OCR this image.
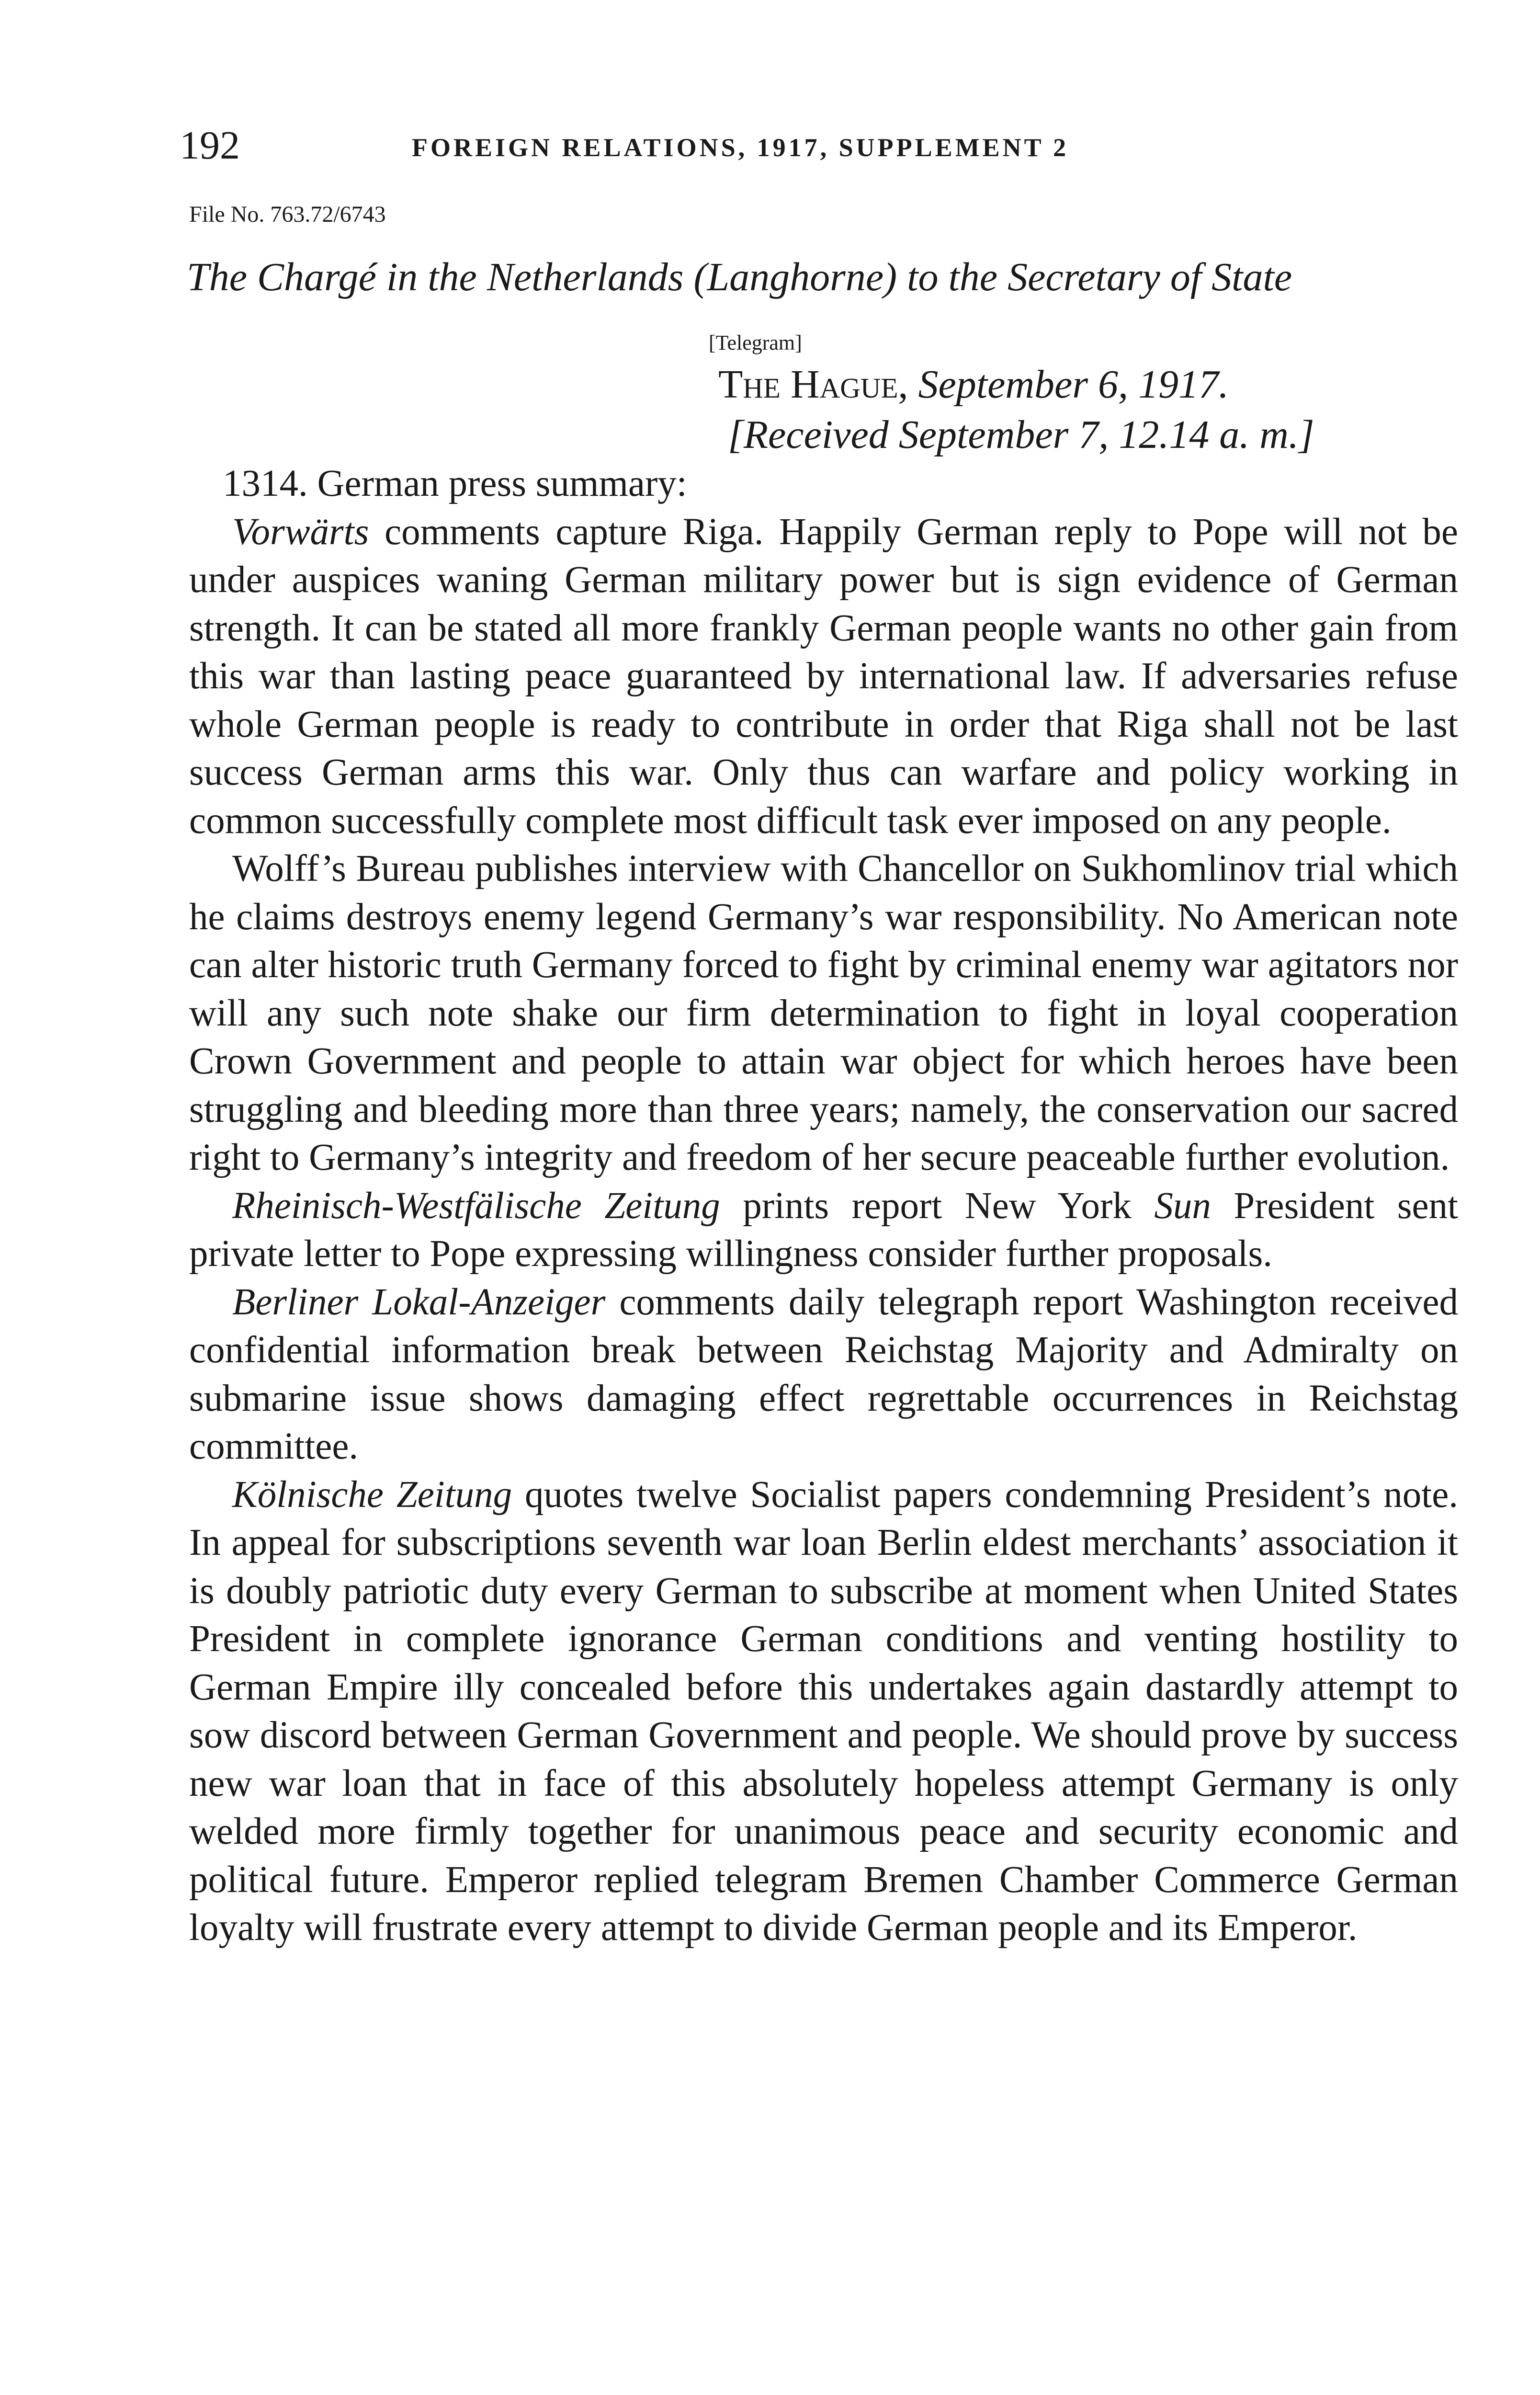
192	FOREIGN RELATIONS, 1917, SUPPLEMENT 2
File No. 763.72/6743
The Chargé in the Netherlands (Langhorne) to the Secretary of State
[Telegram]
The Hague, September 6, 1917.
[Received September 7, 12.14 a. m.]

1314. German press summary:

Vorwärts comments capture Riga. Happily German reply to Pope will not be under auspices waning German military power but is sign evidence of German strength. It can be stated all more frankly German people wants no other gain from this war than lasting peace guaranteed by international law. If adversaries refuse whole German people is ready to contribute in order that Riga shall not be last success German arms this war. Only thus can warfare and policy working in common successfully complete most difficult task ever imposed on any people.

Wolff’s Bureau publishes interview with Chancellor on Sukhomlinov trial which he claims destroys enemy legend Germany’s war responsibility. No American note can alter historic truth Germany forced to fight by criminal enemy war agitators nor will any such note shake our firm determination to fight in loyal cooperation Crown Government and people to attain war object for which heroes have been struggling and bleeding more than three years; namely, the conservation our sacred right to Germany’s integrity and freedom of her secure peaceable further evolution.

Rheinisch-Westfälische Zeitung prints report New York Sun President sent private letter to Pope expressing willingness consider further proposals.

Berliner Lokal-Anzeiger comments daily telegraph report Washington received confidential information break between Reichstag Majority and Admiralty on submarine issue shows damaging effect regrettable occurrences in Reichstag committee.

Kölnische Zeitung quotes twelve Socialist papers condemning President’s note. In appeal for subscriptions seventh war loan Berlin eldest merchants’ association it is doubly patriotic duty every German to subscribe at moment when United States President in complete ignorance German conditions and venting hostility to German Empire illy concealed before this undertakes again dastardly attempt to sow discord between German Government and people. We should prove by success new war loan that in face of this absolutely hopeless attempt Germany is only welded more firmly together for unanimous peace and security economic and political future. Emperor replied telegram Bremen Chamber Commerce German loyalty will frustrate every attempt to divide German people and its Emperor.
